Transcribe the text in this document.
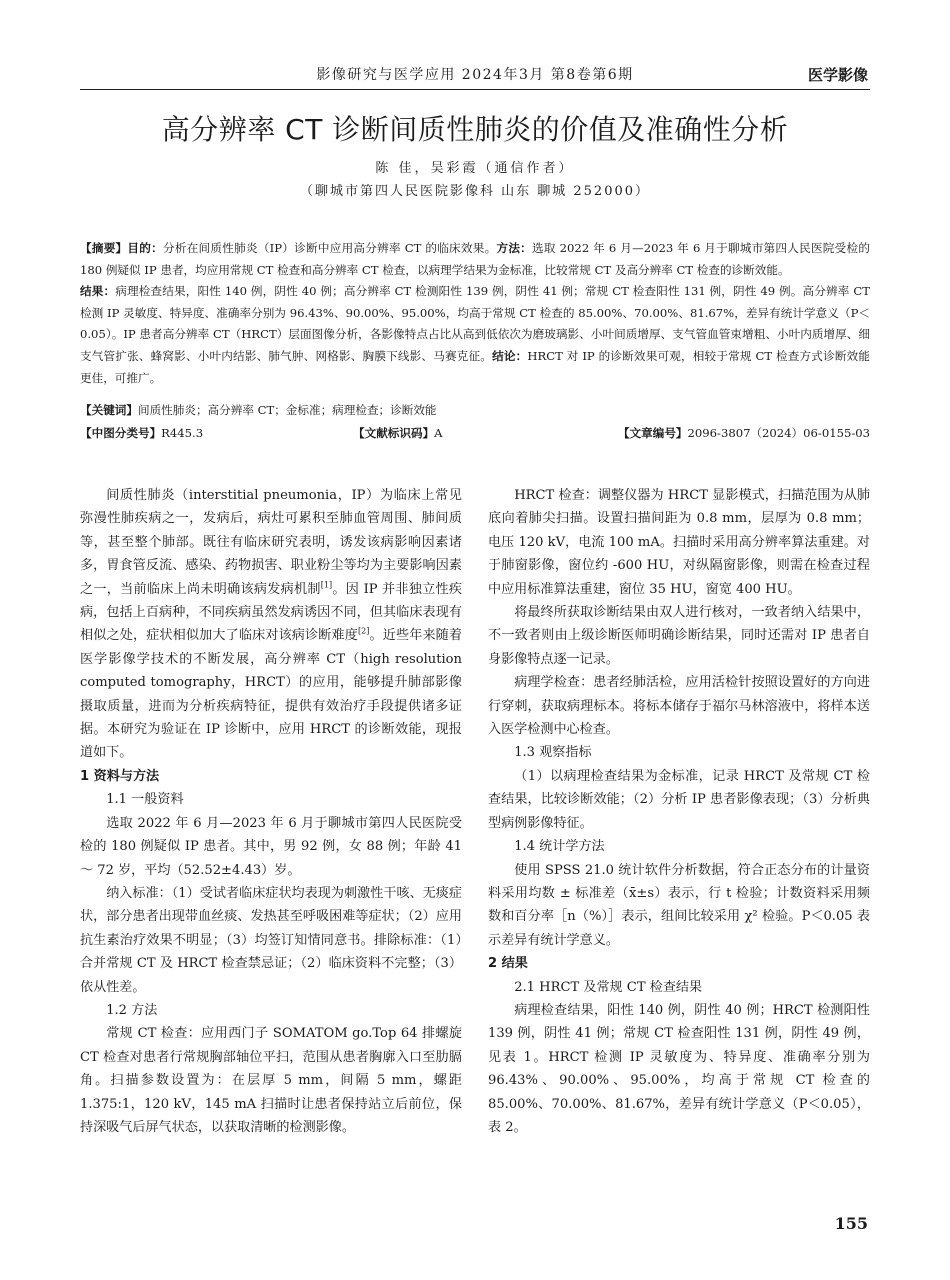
影像研究与医学应用 2024年3月 第8卷第6期	医学影像
高分辨率 CT 诊断间质性肺炎的价值及准确性分析
陈 佳，吴彩霞（通信作者）
（聊城市第四人民医院影像科 山东 聊城 252000）
【摘要】目的：分析在间质性肺炎（IP）诊断中应用高分辨率 CT 的临床效果。方法：选取 2022 年 6 月—2023 年 6 月于聊城市第四人民医院受检的 180 例疑似 IP 患者，均应用常规 CT 检查和高分辨率 CT 检查，以病理学结果为金标准，比较常规 CT 及高分辨率 CT 检查的诊断效能。
结果：病理检查结果，阳性 140 例，阴性 40 例；高分辨率 CT 检测阳性 139 例，阴性 41 例；常规 CT 检查阳性 131 例，阴性 49 例。高分辨率 CT 检测 IP 灵敏度、特异度、准确率分别为 96.43%、90.00%、95.00%，均高于常规 CT 检查的 85.00%、70.00%、81.67%，差异有统计学意义（P＜0.05）。IP 患者高分辨率 CT（HRCT）层面图像分析，各影像特点占比从高到低依次为磨玻璃影、小叶间质增厚、支气管血管束增粗、小叶内质增厚、细支气管扩张、蜂窝影、小叶内结影、肺气肿、网格影、胸膜下线影、马赛克征。结论：HRCT 对 IP 的诊断效果可观，相较于常规 CT 检查方式诊断效能更佳，可推广。
【关键词】间质性肺炎；高分辨率 CT；金标准；病理检查；诊断效能
【中图分类号】R445.3	【文献标识码】A	【文章编号】2096-3807（2024）06-0155-03

间质性肺炎（interstitial pneumonia，IP）为临床上常见弥漫性肺疾病之一，发病后，病灶可累积至肺血管周围、肺间质等，甚至整个肺部。既往有临床研究表明，诱发该病影响因素诸多，胃食管反流、感染、药物损害、职业粉尘等均为主要影响因素之一，当前临床上尚未明确该病发病机制[1]。因 IP 并非独立性疾病，包括上百病种，不同疾病虽然发病诱因不同，但其临床表现有相似之处，症状相似加大了临床对该病诊断难度[2]。近些年来随着医学影像学技术的不断发展，高分辨率 CT（high resolution computed tomography，HRCT）的应用，能够提升肺部影像摄取质量，进而为分析疾病特征，提供有效治疗手段提供诸多证据。本研究为验证在 IP 诊断中，应用 HRCT 的诊断效能，现报道如下。

1 资料与方法

1.1 一般资料

选取 2022 年 6 月—2023 年 6 月于聊城市第四人民医院受检的 180 例疑似 IP 患者。其中，男 92 例，女 88 例；年龄 41 ～ 72 岁，平均（52.52±4.43）岁。

纳入标准：（1）受试者临床症状均表现为刺激性干咳、无痰症状，部分患者出现带血丝痰、发热甚至呼吸困难等症状；（2）应用抗生素治疗效果不明显；（3）均签订知情同意书。排除标准：（1）合并常规 CT 及 HRCT 检查禁忌证；（2）临床资料不完整；（3）依从性差。

1.2 方法

常规 CT 检查：应用西门子 SOMATOM go.Top 64 排螺旋 CT 检查对患者行常规胸部轴位平扫，范围从患者胸廓入口至肋膈角。扫描参数设置为：在层厚 5 mm，间隔 5 mm，螺距 1.375:1，120 kV，145 mA 扫描时让患者保持站立后前位，保持深吸气后屏气状态，以获取清晰的检测影像。

HRCT 检查：调整仪器为 HRCT 显影模式，扫描范围为从肺底向着肺尖扫描。设置扫描间距为 0.8 mm，层厚为 0.8 mm；电压 120 kV，电流 100 mA。扫描时采用高分辨率算法重建。对于肺窗影像，窗位约 -600 HU，对纵隔窗影像，则需在检查过程中应用标准算法重建，窗位 35 HU，窗宽 400 HU。

将最终所获取诊断结果由双人进行核对，一致者纳入结果中，不一致者则由上级诊断医师明确诊断结果，同时还需对 IP 患者自身影像特点逐一记录。

病理学检查：患者经肺活检，应用活检针按照设置好的方向进行穿刺，获取病理标本。将标本储存于福尔马林溶液中，将样本送入医学检测中心检查。

1.3 观察指标

（1）以病理检查结果为金标准，记录 HRCT 及常规 CT 检查结果，比较诊断效能；（2）分析 IP 患者影像表现；（3）分析典型病例影像特征。

1.4 统计学方法

使用 SPSS 21.0 统计软件分析数据，符合正态分布的计量资料采用均数 ± 标准差（x̄±s）表示，行 t 检验；计数资料采用频数和百分率［n（%）］表示，组间比较采用 χ² 检验。P＜0.05 表示差异有统计学意义。

2 结果

2.1 HRCT 及常规 CT 检查结果

病理检查结果，阳性 140 例，阴性 40 例；HRCT 检测阳性 139 例，阴性 41 例；常规 CT 检查阳性 131 例，阴性 49 例，见表 1。HRCT 检测 IP 灵敏度为、特异度、准确率分别为 96.43%、90.00%、95.00%，均高于常规 CT 检查的 85.00%、70.00%、81.67%，差异有统计学意义（P＜0.05），表 2。

155
